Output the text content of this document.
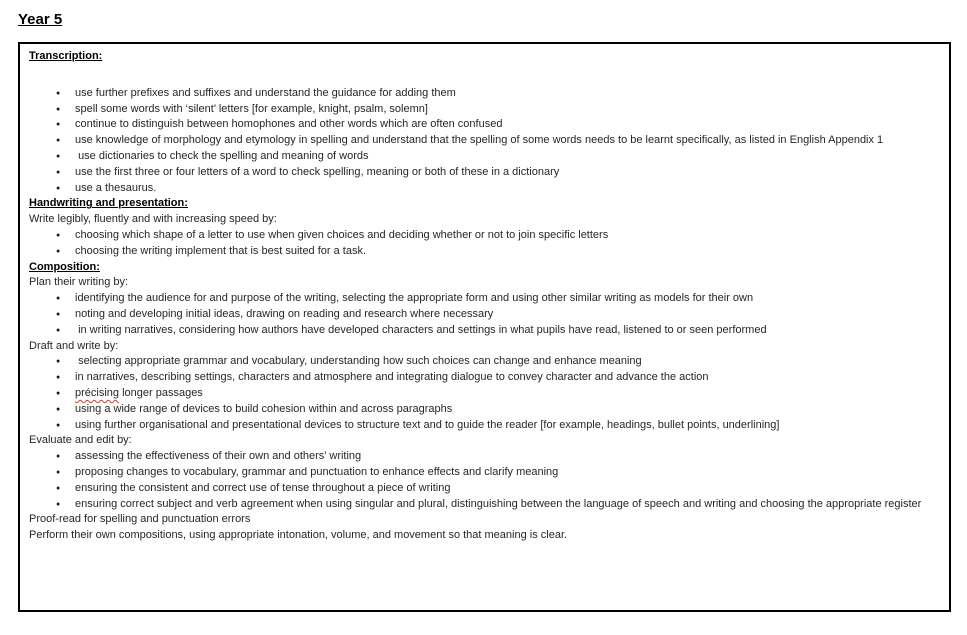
Year 5

Transcription:

● use further prefixes and suffixes and understand the guidance for adding them
● spell some words with ‘silent’ letters [for example, knight, psalm, solemn]
● continue to distinguish between homophones and other words which are often confused
● use knowledge of morphology and etymology in spelling and understand that the spelling of some words needs to be learnt specifically, as listed in English Appendix 1
●  use dictionaries to check the spelling and meaning of words
● use the first three or four letters of a word to check spelling, meaning or both of these in a dictionary
● use a thesaurus.

Handwriting and presentation:

Write legibly, fluently and with increasing speed by:

● choosing which shape of a letter to use when given choices and deciding whether or not to join specific letters
● choosing the writing implement that is best suited for a task.

Composition:

Plan their writing by:

● identifying the audience for and purpose of the writing, selecting the appropriate form and using other similar writing as models for their own
● noting and developing initial ideas, drawing on reading and research where necessary
●  in writing narratives, considering how authors have developed characters and settings in what pupils have read, listened to or seen performed

Draft and write by:

●  selecting appropriate grammar and vocabulary, understanding how such choices can change and enhance meaning
● in narratives, describing settings, characters and atmosphere and integrating dialogue to convey character and advance the action
● précising longer passages
● using a wide range of devices to build cohesion within and across paragraphs
● using further organisational and presentational devices to structure text and to guide the reader [for example, headings, bullet points, underlining]

Evaluate and edit by:

● assessing the effectiveness of their own and others’ writing
● proposing changes to vocabulary, grammar and punctuation to enhance effects and clarify meaning
● ensuring the consistent and correct use of tense throughout a piece of writing
● ensuring correct subject and verb agreement when using singular and plural, distinguishing between the language of speech and writing and choosing the appropriate register

Proof-read for spelling and punctuation errors

Perform their own compositions, using appropriate intonation, volume, and movement so that meaning is clear.
